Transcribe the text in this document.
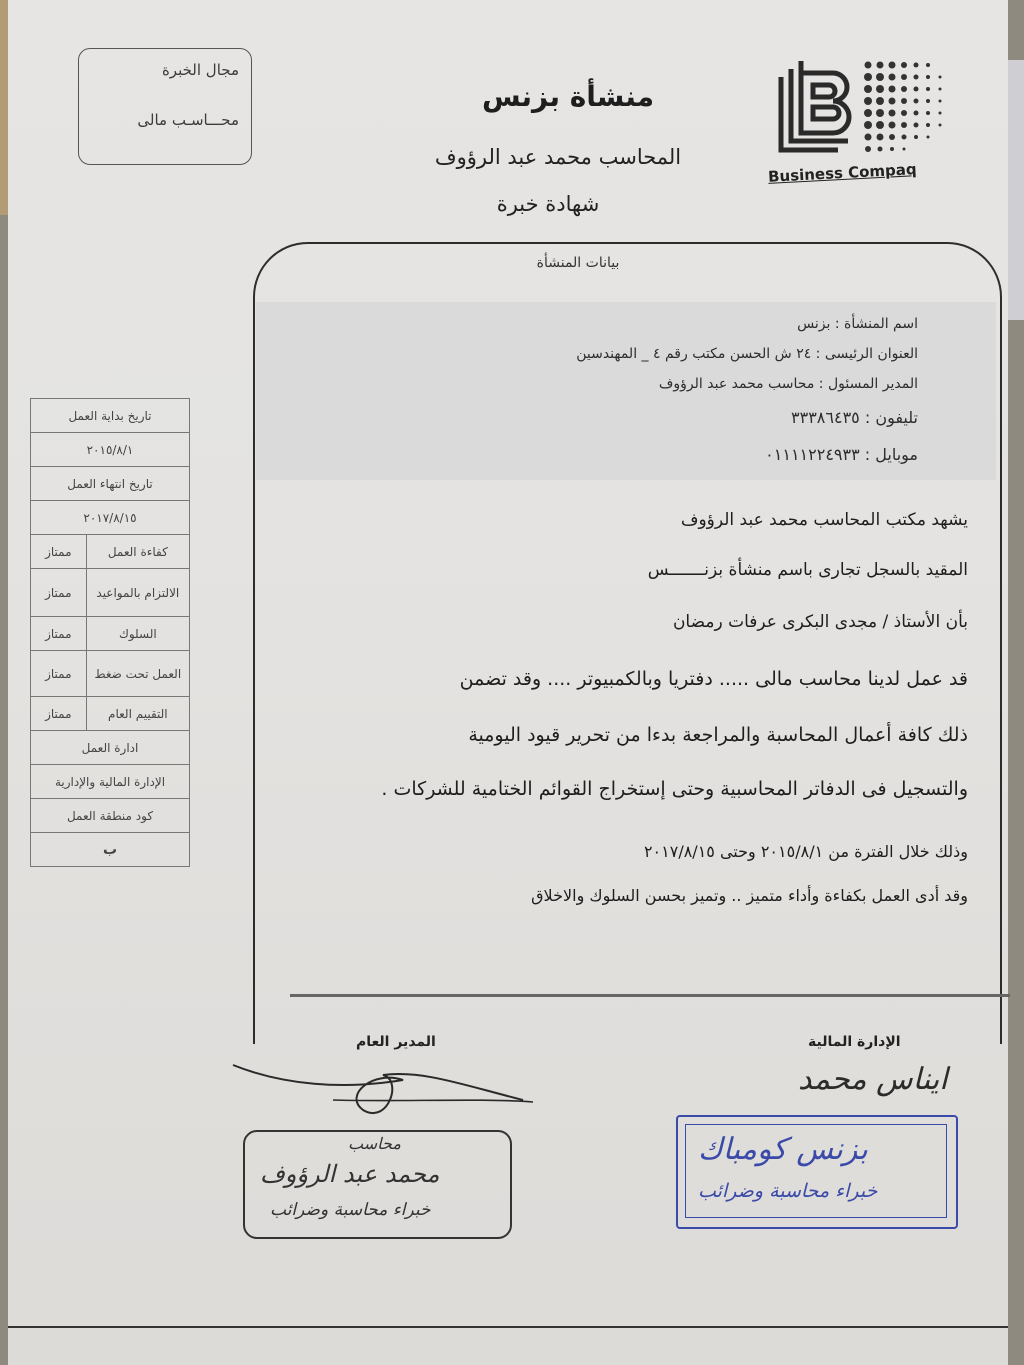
مجال الخبرة
محـــاسـب مالى
منشأة بزنس
المحاسب محمد عبد الرؤوف
شهادة خبرة
Business Compaq
بيانات المنشأة
اسم المنشأة : بزنس
العنوان الرئيسى : ٢٤ ش الحسن مكتب رقم ٤ _ المهندسين
المدير المسئول : محاسب محمد عبد الرؤوف
تليفون : ٣٣٣٨٦٤٣٥
موبايل : ٠١١١١٢٢٤٩٣٣
يشهد مكتب المحاسب محمد عبد الرؤوف
المقيد بالسجل تجارى باسم منشأة بزنـــــــس
بأن الأستاذ / مجدى البكرى عرفات رمضان
قد عمل لدينا محاسب مالى ..... دفتريا وبالكمبيوتر .... وقد تضمن
ذلك كافة أعمال المحاسبة والمراجعة بدءا من تحرير قيود اليومية
والتسجيل فى الدفاتر المحاسبية وحتى إستخراج القوائم الختامية للشركات .
وذلك خلال الفترة من ٢٠١٥/٨/١ وحتى ٢٠١٧/٨/١٥
وقد أدى العمل بكفاءة وأداء متميز .. وتميز بحسن السلوك والاخلاق
تاريخ بداية العمل	
٢٠١٥/٨/١	
تاريخ انتهاء العمل	
٢٠١٧/٨/١٥	
كفاءة العمل	ممتاز
الالتزام بالمواعيد	ممتاز
السلوك	ممتاز
العمل تحت ضغط	ممتاز
التقييم العام	ممتاز
ادارة العمل	
الإدارة المالية والإدارية	
كود منطقة العمل	
ب	
الإدارة المالية
المدير العام
ايناس محمد
محاسب
محمد عبد الرؤوف
خبراء محاسبة وضرائب
بزنس كومباك
خبراء محاسبة وضرائب
